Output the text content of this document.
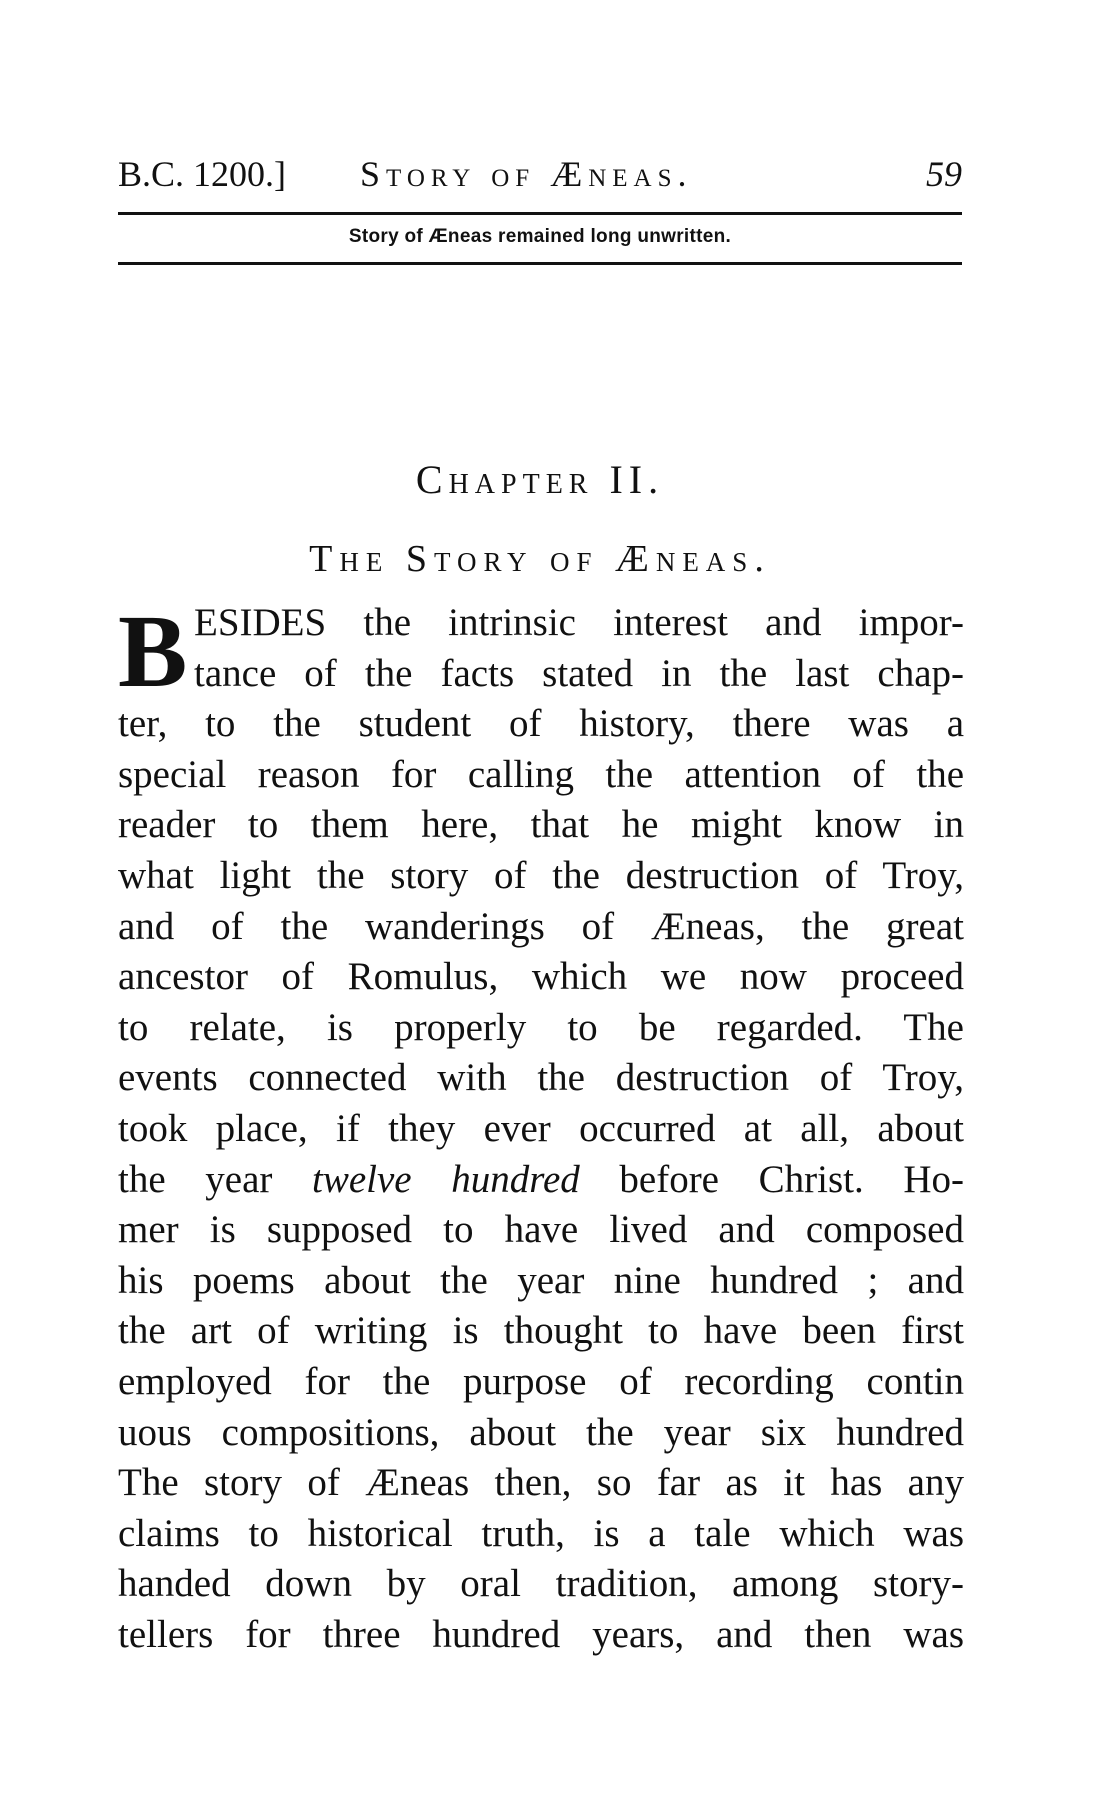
B.C. 1200.] Story of Æneas.	59
Story of Æneas remained long unwritten.
Chapter II.
The Story of Æneas.
B ESIDES the intrinsic interest and impor-
tance of the facts stated in the last chap-
ter, to the student of history, there was a
special reason for calling the attention of the
reader to them here, that he might know in
what light the story of the destruction of Troy,
and of the wanderings of Æneas, the great
ancestor of Romulus, which we now proceed
to relate, is properly to be regarded. The
events connected with the destruction of Troy,
took place, if they ever occurred at all, about
the year twelve hundred before Christ. Ho-
mer is supposed to have lived and composed
his poems about the year nine hundred ; and
the art of writing is thought to have been first
employed for the purpose of recording contin
uous compositions, about the year six hundred
The story of Æneas then, so far as it has any
claims to historical truth, is a tale which was
handed down by oral tradition, among story-
tellers for three hundred years, and then was
